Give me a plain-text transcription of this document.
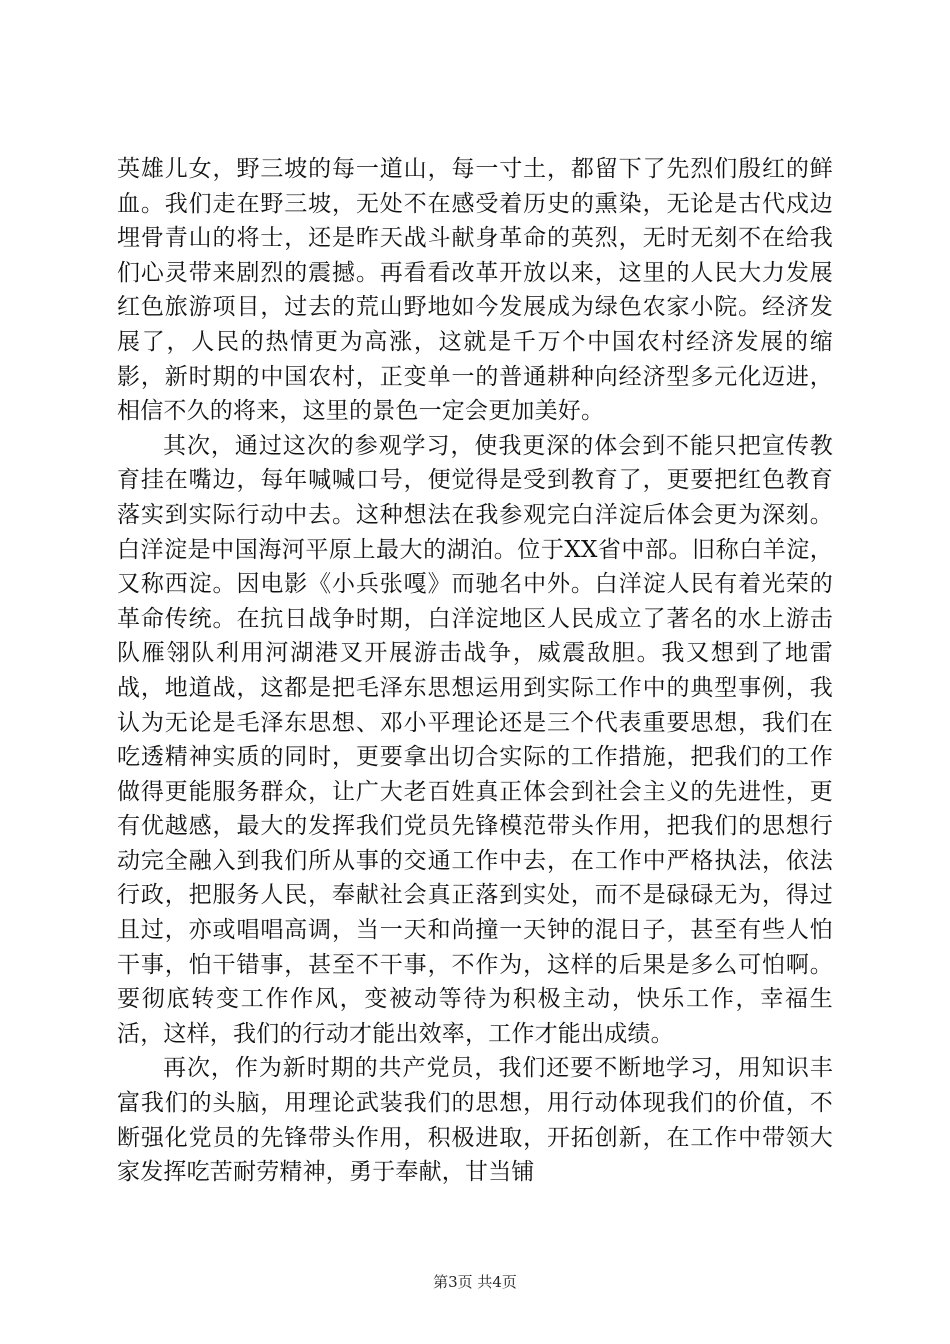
英雄儿女，野三坡的每一道山，每一寸土，都留下了先烈们殷红的鲜血。我们走在野三坡，无处不在感受着历史的熏染，无论是古代戍边埋骨青山的将士，还是昨天战斗献身革命的英烈，无时无刻不在给我们心灵带来剧烈的震撼。再看看改革开放以来，这里的人民大力发展红色旅游项目，过去的荒山野地如今发展成为绿色农家小院。经济发展了，人民的热情更为高涨，这就是千万个中国农村经济发展的缩影，新时期的中国农村，正变单一的普通耕种向经济型多元化迈进，相信不久的将来，这里的景色一定会更加美好。

其次，通过这次的参观学习，使我更深的体会到不能只把宣传教育挂在嘴边，每年喊喊口号，便觉得是受到教育了，更要把红色教育落实到实际行动中去。这种想法在我参观完白洋淀后体会更为深刻。白洋淀是中国海河平原上最大的湖泊。位于XX省中部。旧称白羊淀，又称西淀。因电影《小兵张嘎》而驰名中外。白洋淀人民有着光荣的革命传统。在抗日战争时期，白洋淀地区人民成立了著名的水上游击队雁翎队利用河湖港叉开展游击战争，威震敌胆。我又想到了地雷战，地道战，这都是把毛泽东思想运用到实际工作中的典型事例，我认为无论是毛泽东思想、邓小平理论还是三个代表重要思想，我们在吃透精神实质的同时，更要拿出切合实际的工作措施，把我们的工作做得更能服务群众，让广大老百姓真正体会到社会主义的先进性，更有优越感，最大的发挥我们党员先锋模范带头作用，把我们的思想行动完全融入到我们所从事的交通工作中去，在工作中严格执法，依法行政，把服务人民，奉献社会真正落到实处，而不是碌碌无为，得过且过，亦或唱唱高调，当一天和尚撞一天钟的混日子，甚至有些人怕干事，怕干错事，甚至不干事，不作为，这样的后果是多么可怕啊。要彻底转变工作作风，变被动等待为积极主动，快乐工作，幸福生活，这样，我们的行动才能出效率，工作才能出成绩。

再次，作为新时期的共产党员，我们还要不断地学习，用知识丰富我们的头脑，用理论武装我们的思想，用行动体现我们的价值，不断强化党员的先锋带头作用，积极进取，开拓创新，在工作中带领大家发挥吃苦耐劳精神，勇于奉献，甘当铺

第3页 共4页
